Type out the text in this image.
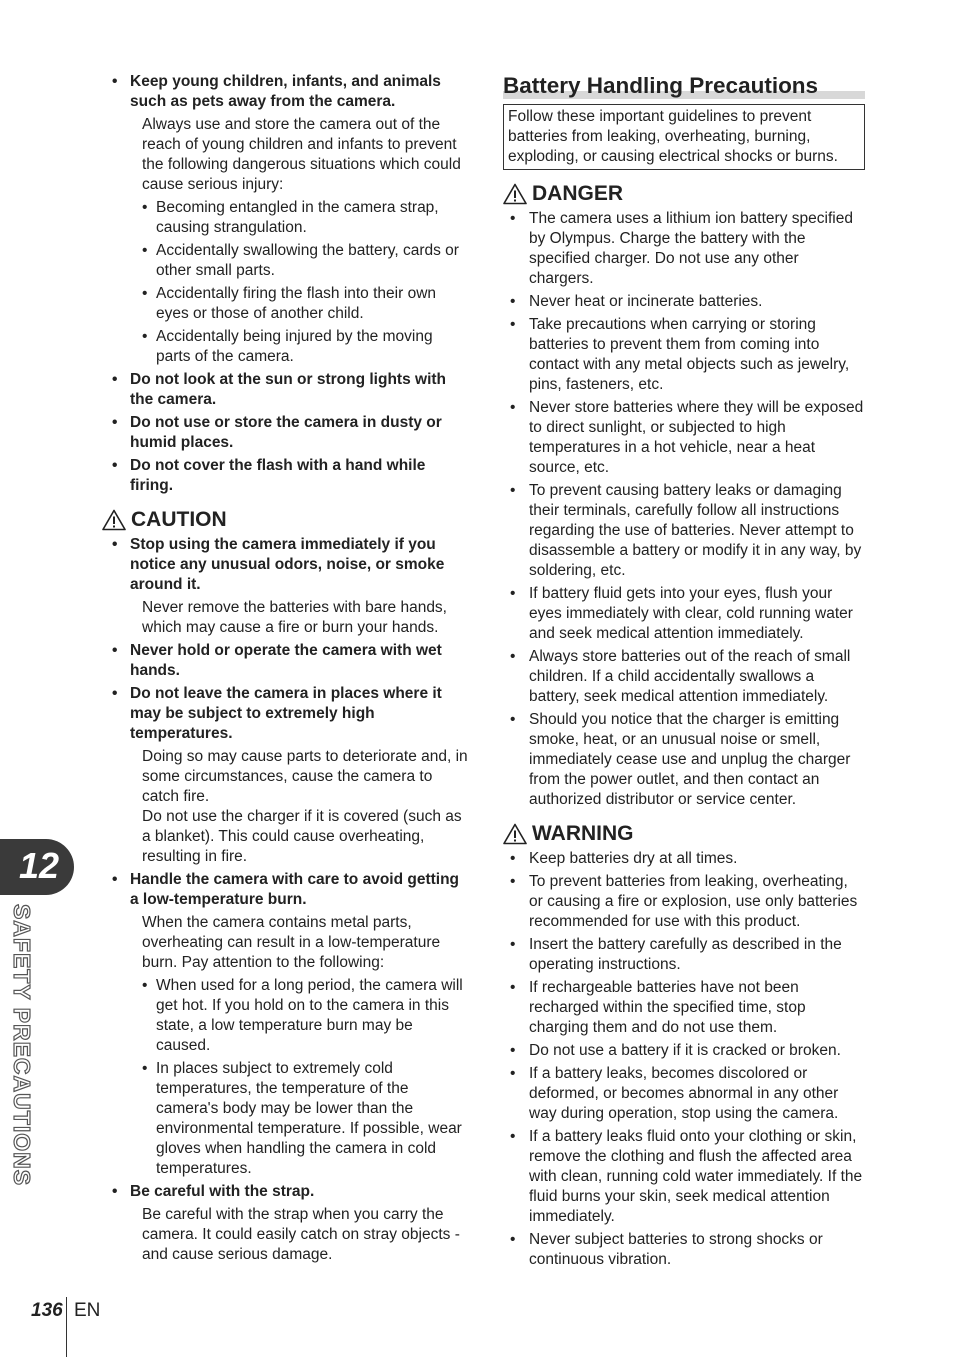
• Keep young children, infants, and animals such as pets away from the camera.
Always use and store the camera out of the reach of young children and infants to prevent the following dangerous situations which could cause serious injury:
• Becoming entangled in the camera strap, causing strangulation.
• Accidentally swallowing the battery, cards or other small parts.
• Accidentally firing the flash into their own eyes or those of another child.
• Accidentally being injured by the moving parts of the camera.
• Do not look at the sun or strong lights with the camera.
• Do not use or store the camera in dusty or humid places.
• Do not cover the flash with a hand while firing.
CAUTION
• Stop using the camera immediately if you notice any unusual odors, noise, or smoke around it.
Never remove the batteries with bare hands, which may cause a fire or burn your hands.
• Never hold or operate the camera with wet hands.
• Do not leave the camera in places where it may be subject to extremely high temperatures.
Doing so may cause parts to deteriorate and, in some circumstances, cause the camera to catch fire.
Do not use the charger if it is covered (such as a blanket). This could cause overheating, resulting in fire.
• Handle the camera with care to avoid getting a low-temperature burn.
When the camera contains metal parts, overheating can result in a low-temperature burn. Pay attention to the following:
• When used for a long period, the camera will get hot. If you hold on to the camera in this state, a low temperature burn may be caused.
• In places subject to extremely cold temperatures, the temperature of the camera's body may be lower than the environmental temperature. If possible, wear gloves when handling the camera in cold temperatures.
• Be careful with the strap.
Be careful with the strap when you carry the camera. It could easily catch on stray objects - and cause serious damage.
Battery Handling Precautions
Follow these important guidelines to prevent batteries from leaking, overheating, burning, exploding, or causing electrical shocks or burns.
DANGER
• The camera uses a lithium ion battery specified by Olympus. Charge the battery with the specified charger. Do not use any other chargers.
• Never heat or incinerate batteries.
• Take precautions when carrying or storing batteries to prevent them from coming into contact with any metal objects such as jewelry, pins, fasteners, etc.
• Never store batteries where they will be exposed to direct sunlight, or subjected to high temperatures in a hot vehicle, near a heat source, etc.
• To prevent causing battery leaks or damaging their terminals, carefully follow all instructions regarding the use of batteries. Never attempt to disassemble a battery or modify it in any way, by soldering, etc.
• If battery fluid gets into your eyes, flush your eyes immediately with clear, cold running water and seek medical attention immediately.
• Always store batteries out of the reach of small children. If a child accidentally swallows a battery, seek medical attention immediately.
• Should you notice that the charger is emitting smoke, heat, or an unusual noise or smell, immediately cease use and unplug the charger from the power outlet, and then contact an authorized distributor or service center.
WARNING
• Keep batteries dry at all times.
• To prevent batteries from leaking, overheating, or causing a fire or explosion, use only batteries recommended for use with this product.
• Insert the battery carefully as described in the operating instructions.
• If rechargeable batteries have not been recharged within the specified time, stop charging them and do not use them.
• Do not use a battery if it is cracked or broken.
• If a battery leaks, becomes discolored or deformed, or becomes abnormal in any other way during operation, stop using the camera.
• If a battery leaks fluid onto your clothing or skin, remove the clothing and flush the affected area with clean, running cold water immediately. If the fluid burns your skin, seek medical attention immediately.
• Never subject batteries to strong shocks or continuous vibration.
12
SAFETY PRECAUTIONS
136 EN
